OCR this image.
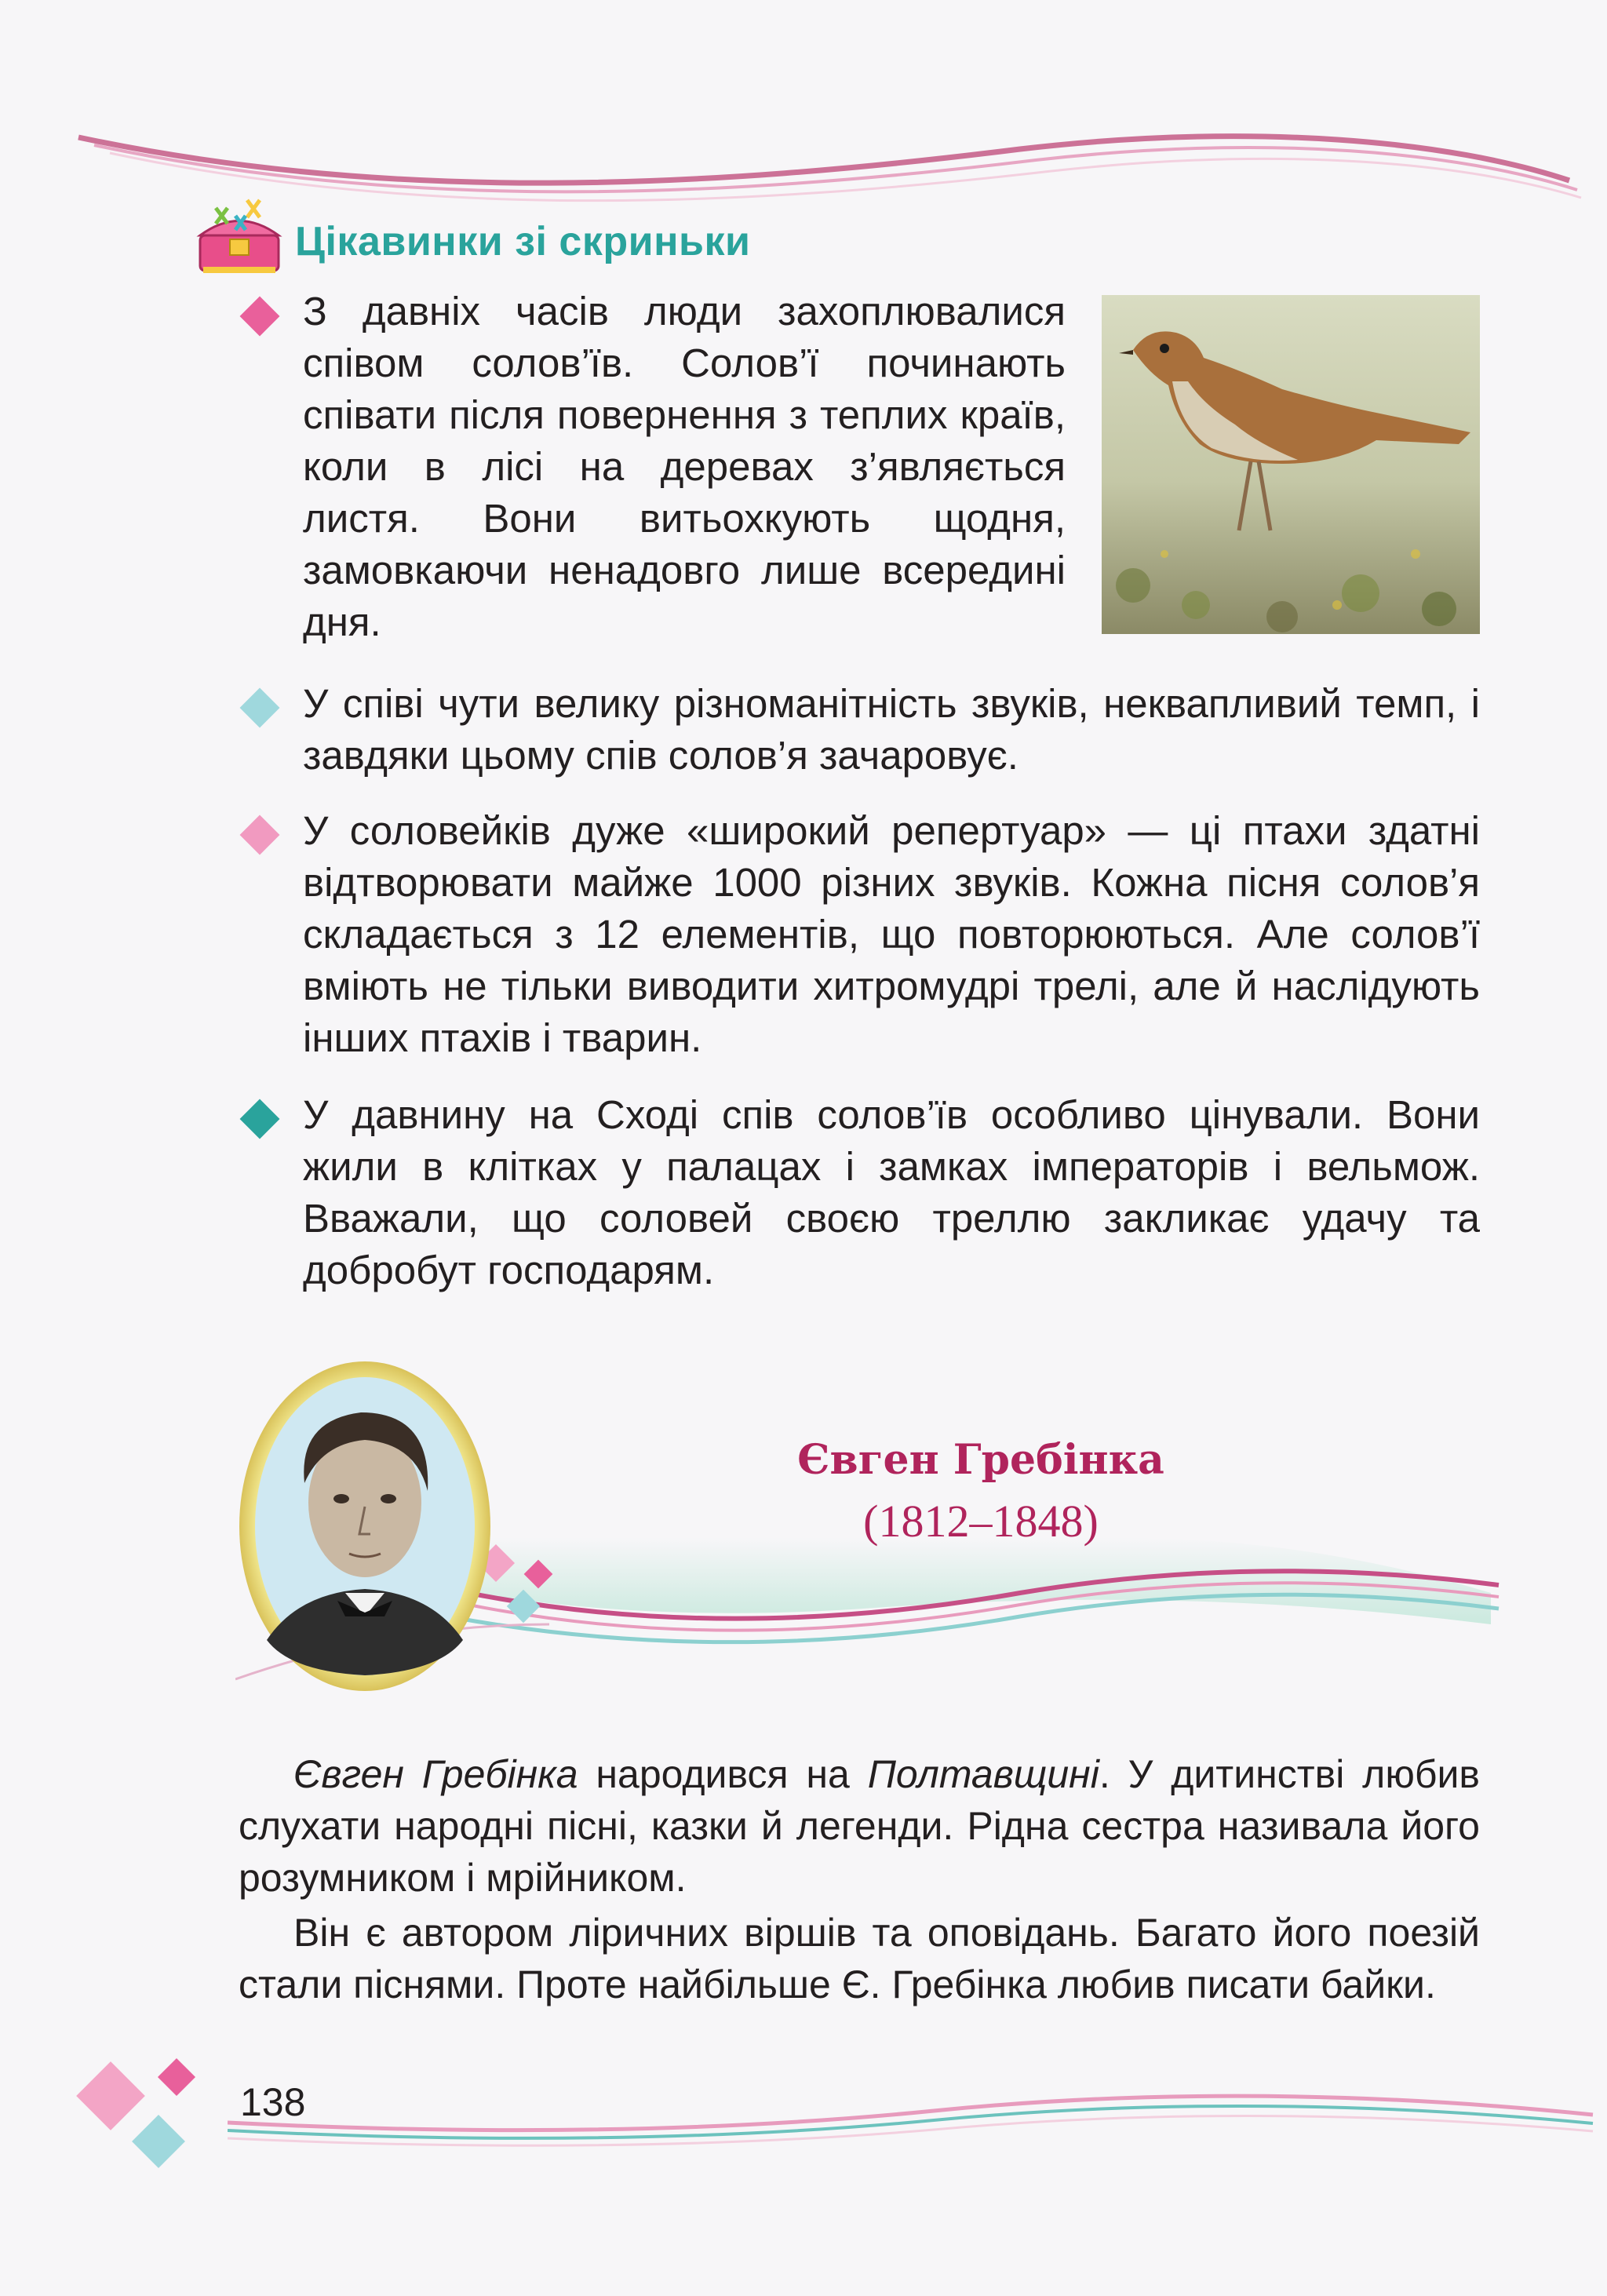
Цікавинки зі скриньки

З давніх часів люди захоплювалися співом солов’їв. Солов’ї починають співати після повернення з теплих країв, коли в лісі на деревах з’являється листя. Вони витьохкують щодня, замовкаючи ненадовго лише всередині дня.

У співі чути велику різноманітність звуків, неквапливий темп, і завдяки цьому спів солов’я зачаровує.

У соловейків дуже «широкий репертуар» — ці птахи здатні відтворювати майже 1000 різних звуків. Кожна пісня солов’я складається з 12 елементів, що повторюються. Але солов’ї вміють не тільки виводити хитромудрі трелі, але й наслідують інших птахів і тварин.

У давнину на Сході спів солов’їв особливо цінували. Вони жили в клітках у палацах і замках імператорів і вельмож. Вважали, що соловей своєю треллю закликає удачу та добробут господарям.

Євген Гребінка
(1812–1848)

Євген Гребінка народився на Полтавщині. У дитинстві любив слухати народні пісні, казки й легенди. Рідна сестра називала його розумником і мрійником.

Він є автором ліричних віршів та оповідань. Багато його поезій стали піснями. Проте найбільше Є. Гребінка любив писати байки.

138
